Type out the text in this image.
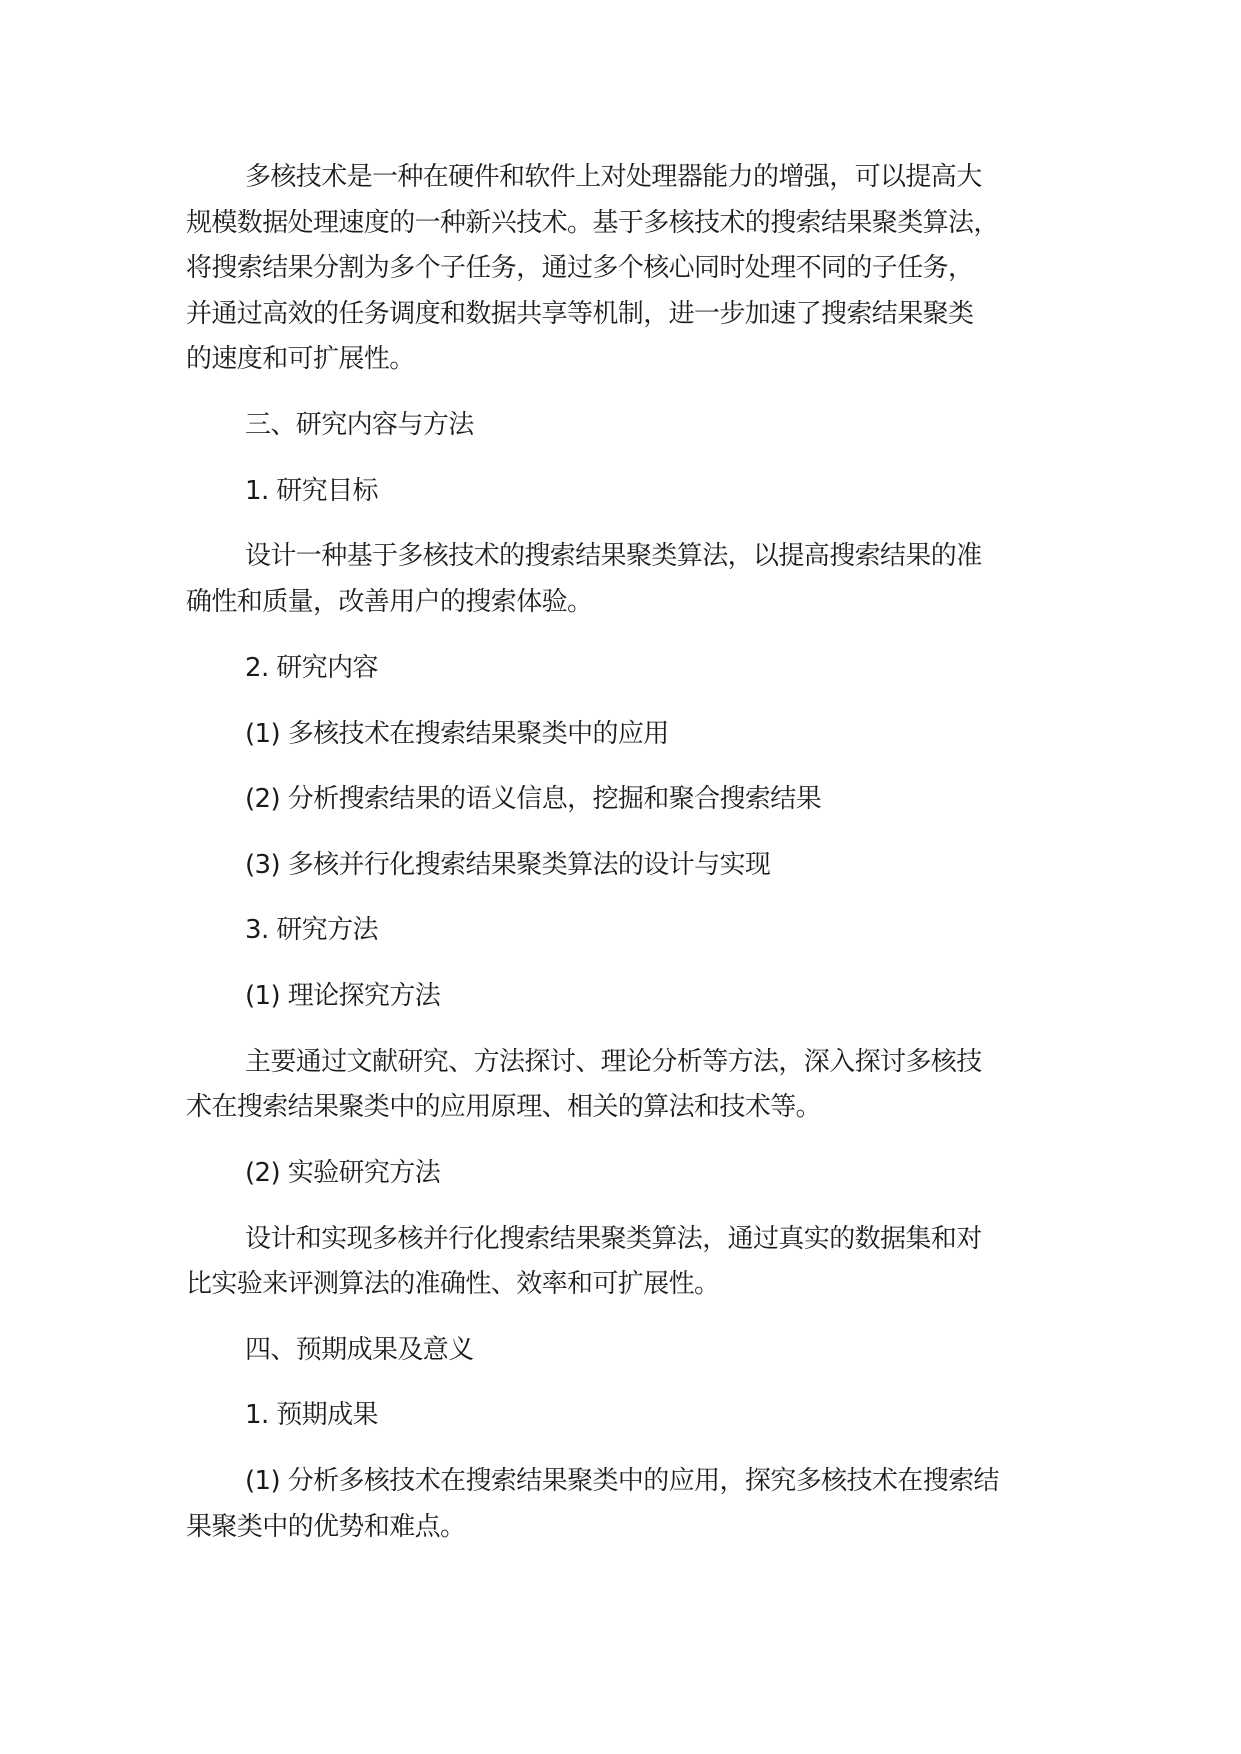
多核技术是一种在硬件和软件上对处理器能力的增强，可以提高大
规模数据处理速度的一种新兴技术。基于多核技术的搜索结果聚类算法，
将搜索结果分割为多个子任务，通过多个核心同时处理不同的子任务，
并通过高效的任务调度和数据共享等机制，进一步加速了搜索结果聚类
的速度和可扩展性。
三、研究内容与方法
1. 研究目标
设计一种基于多核技术的搜索结果聚类算法，以提高搜索结果的准
确性和质量，改善用户的搜索体验。
2. 研究内容
(1) 多核技术在搜索结果聚类中的应用
(2) 分析搜索结果的语义信息，挖掘和聚合搜索结果
(3) 多核并行化搜索结果聚类算法的设计与实现
3. 研究方法
(1) 理论探究方法
主要通过文献研究、方法探讨、理论分析等方法，深入探讨多核技
术在搜索结果聚类中的应用原理、相关的算法和技术等。
(2) 实验研究方法
设计和实现多核并行化搜索结果聚类算法，通过真实的数据集和对
比实验来评测算法的准确性、效率和可扩展性。
四、预期成果及意义
1. 预期成果
(1) 分析多核技术在搜索结果聚类中的应用，探究多核技术在搜索结
果聚类中的优势和难点。
